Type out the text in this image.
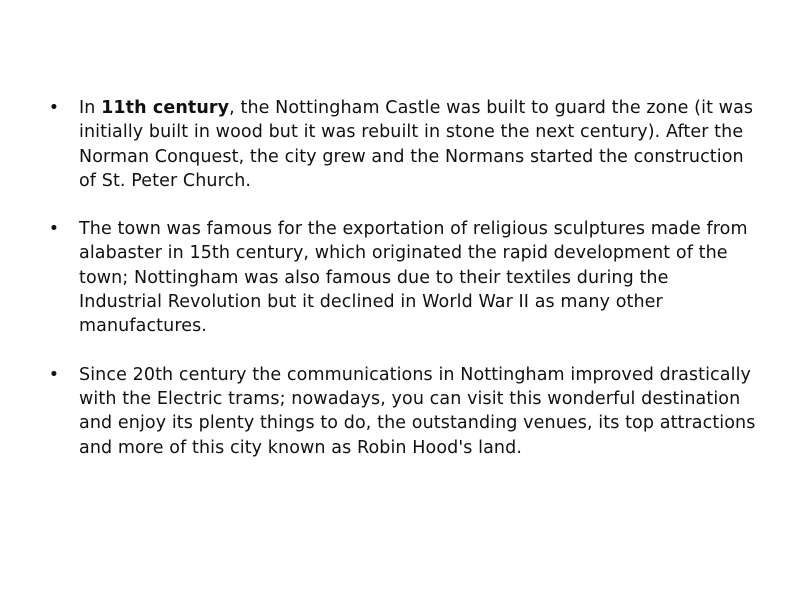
• In 11th century, the Nottingham Castle was built to guard the zone (it was initially built in wood but it was rebuilt in stone the next century). After the Norman Conquest, the city grew and the Normans started the construction of St. Peter Church.
• The town was famous for the exportation of religious sculptures made from alabaster in 15th century, which originated the rapid development of the town; Nottingham was also famous due to their textiles during the Industrial Revolution but it declined in World War II as many other manufactures.
• Since 20th century the communications in Nottingham improved drastically with the Electric trams; nowadays, you can visit this wonderful destination and enjoy its plenty things to do, the outstanding venues, its top attractions and more of this city known as Robin Hood's land.
